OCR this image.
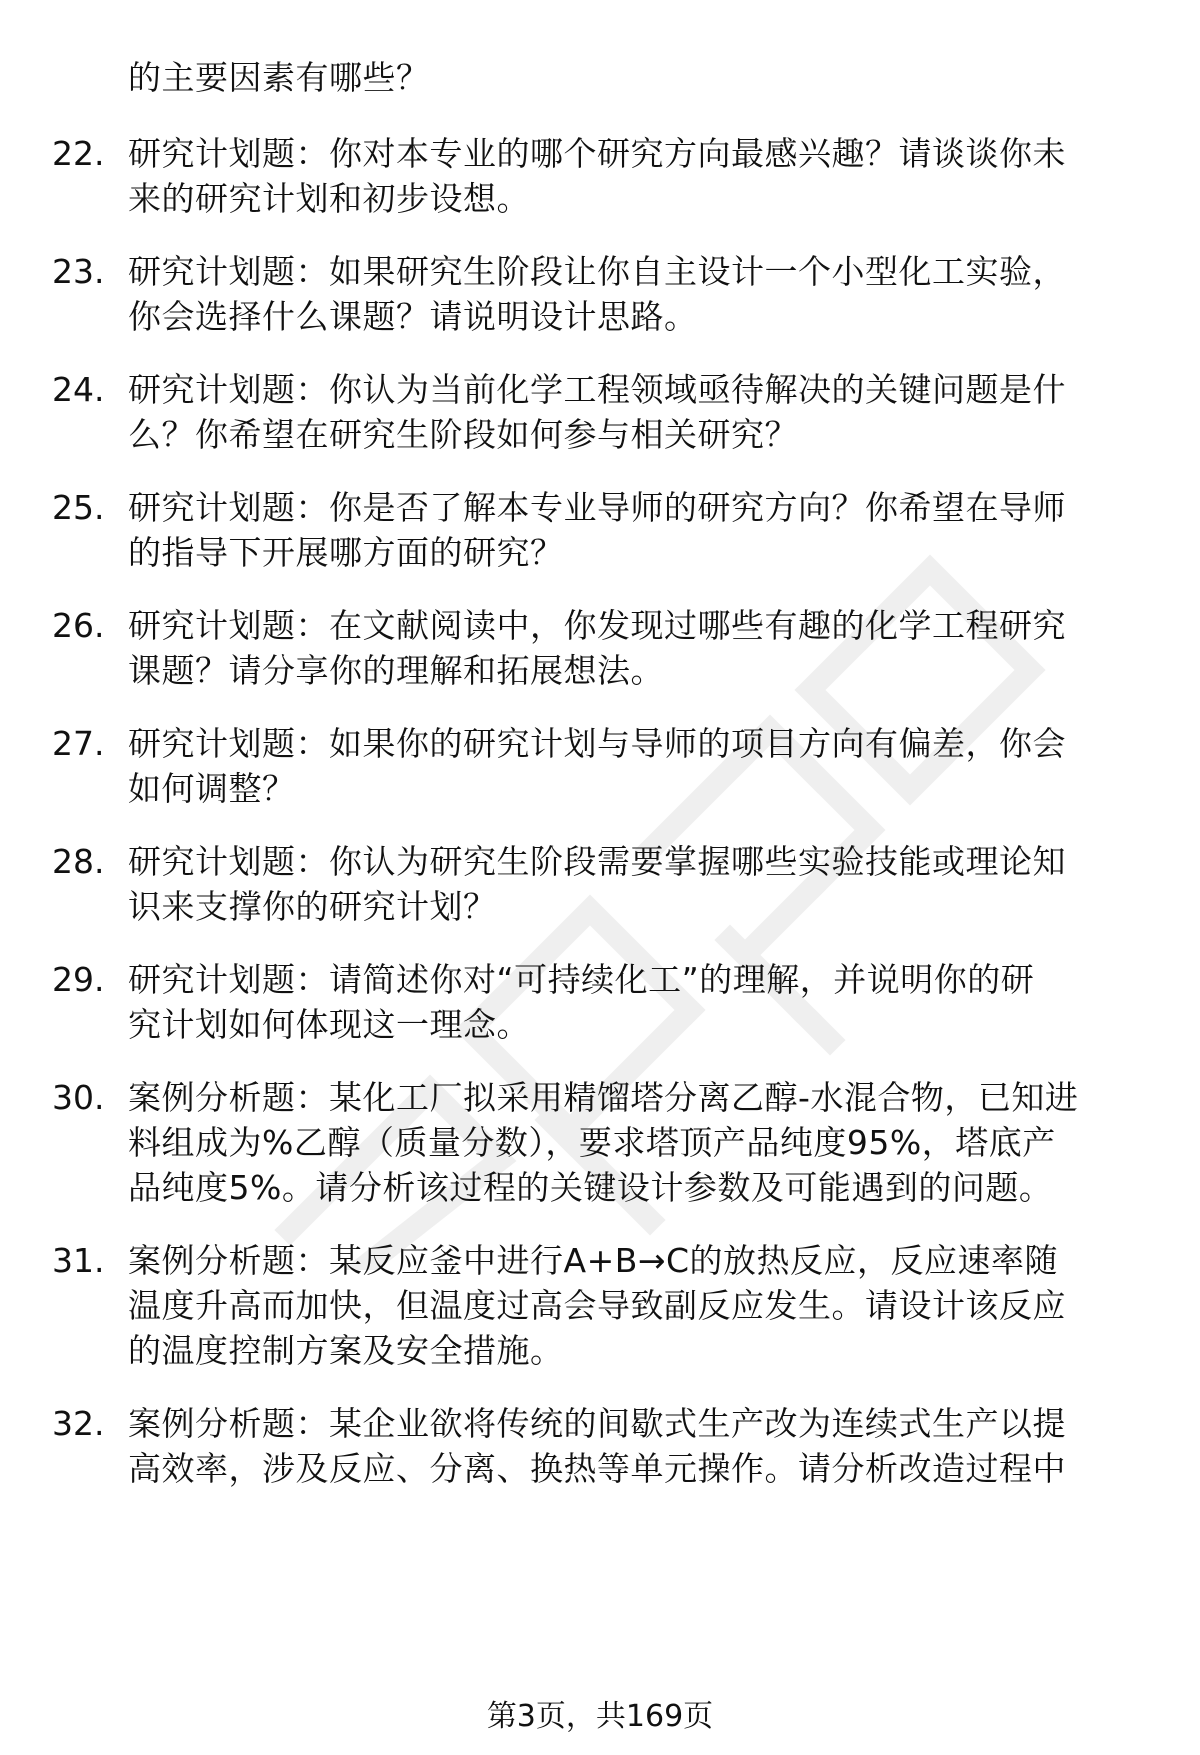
的主要因素有哪些？
22. 研究计划题：你对本专业的哪个研究方向最感兴趣？请谈谈你未
来的研究计划和初步设想。
23. 研究计划题：如果研究生阶段让你自主设计一个小型化工实验，
你会选择什么课题？请说明设计思路。
24. 研究计划题：你认为当前化学工程领域亟待解决的关键问题是什
么？你希望在研究生阶段如何参与相关研究？
25. 研究计划题：你是否了解本专业导师的研究方向？你希望在导师
的指导下开展哪方面的研究？
26. 研究计划题：在文献阅读中，你发现过哪些有趣的化学工程研究
课题？请分享你的理解和拓展想法。
27. 研究计划题：如果你的研究计划与导师的项目方向有偏差，你会
如何调整？
28. 研究计划题：你认为研究生阶段需要掌握哪些实验技能或理论知
识来支撑你的研究计划？
29. 研究计划题：请简述你对“可持续化工”的理解，并说明你的研
究计划如何体现这一理念。
30. 案例分析题：某化工厂拟采用精馏塔分离乙醇-水混合物，已知进
料组成为%乙醇（质量分数），要求塔顶产品纯度95%，塔底产
品纯度5%。请分析该过程的关键设计参数及可能遇到的问题。
31. 案例分析题：某反应釜中进行A+B→C的放热反应，反应速率随
温度升高而加快，但温度过高会导致副反应发生。请设计该反应
的温度控制方案及安全措施。
32. 案例分析题：某企业欲将传统的间歇式生产改为连续式生产以提
高效率，涉及反应、分离、换热等单元操作。请分析改造过程中
第3页，共169页
